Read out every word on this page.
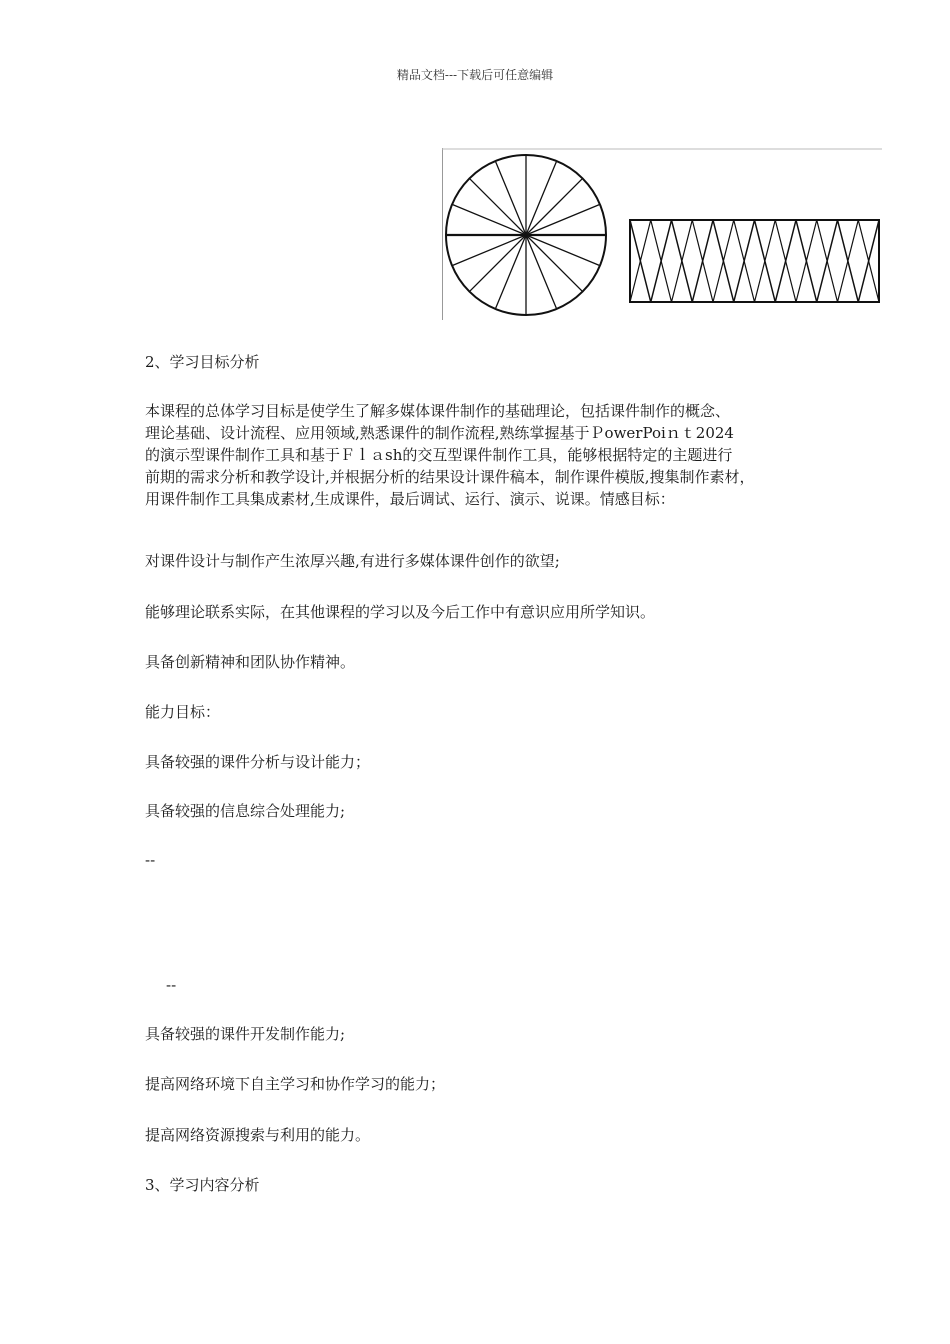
精品文档---下载后可任意编辑
2、学习目标分析
本课程的总体学习目标是使学生了解多媒体课件制作的基础理论，包括课件制作的概念、
理论基础、设计流程、应用领域,熟悉课件的制作流程,熟练掌握基于ＰowerPoiｎｔ2024
的演示型课件制作工具和基于Ｆｌａsh的交互型课件制作工具，能够根据特定的主题进行
前期的需求分析和教学设计,并根据分析的结果设计课件稿本，制作课件模版,搜集制作素材，
用课件制作工具集成素材,生成课件，最后调试、运行、演示、说课。情感目标：
对课件设计与制作产生浓厚兴趣,有进行多媒体课件创作的欲望;
能够理论联系实际，在其他课程的学习以及今后工作中有意识应用所学知识。
具备创新精神和团队协作精神。
能力目标：
具备较强的课件分析与设计能力；
具备较强的信息综合处理能力;
--
--
具备较强的课件开发制作能力;
提高网络环境下自主学习和协作学习的能力；
提高网络资源搜索与利用的能力。
3、学习内容分析
